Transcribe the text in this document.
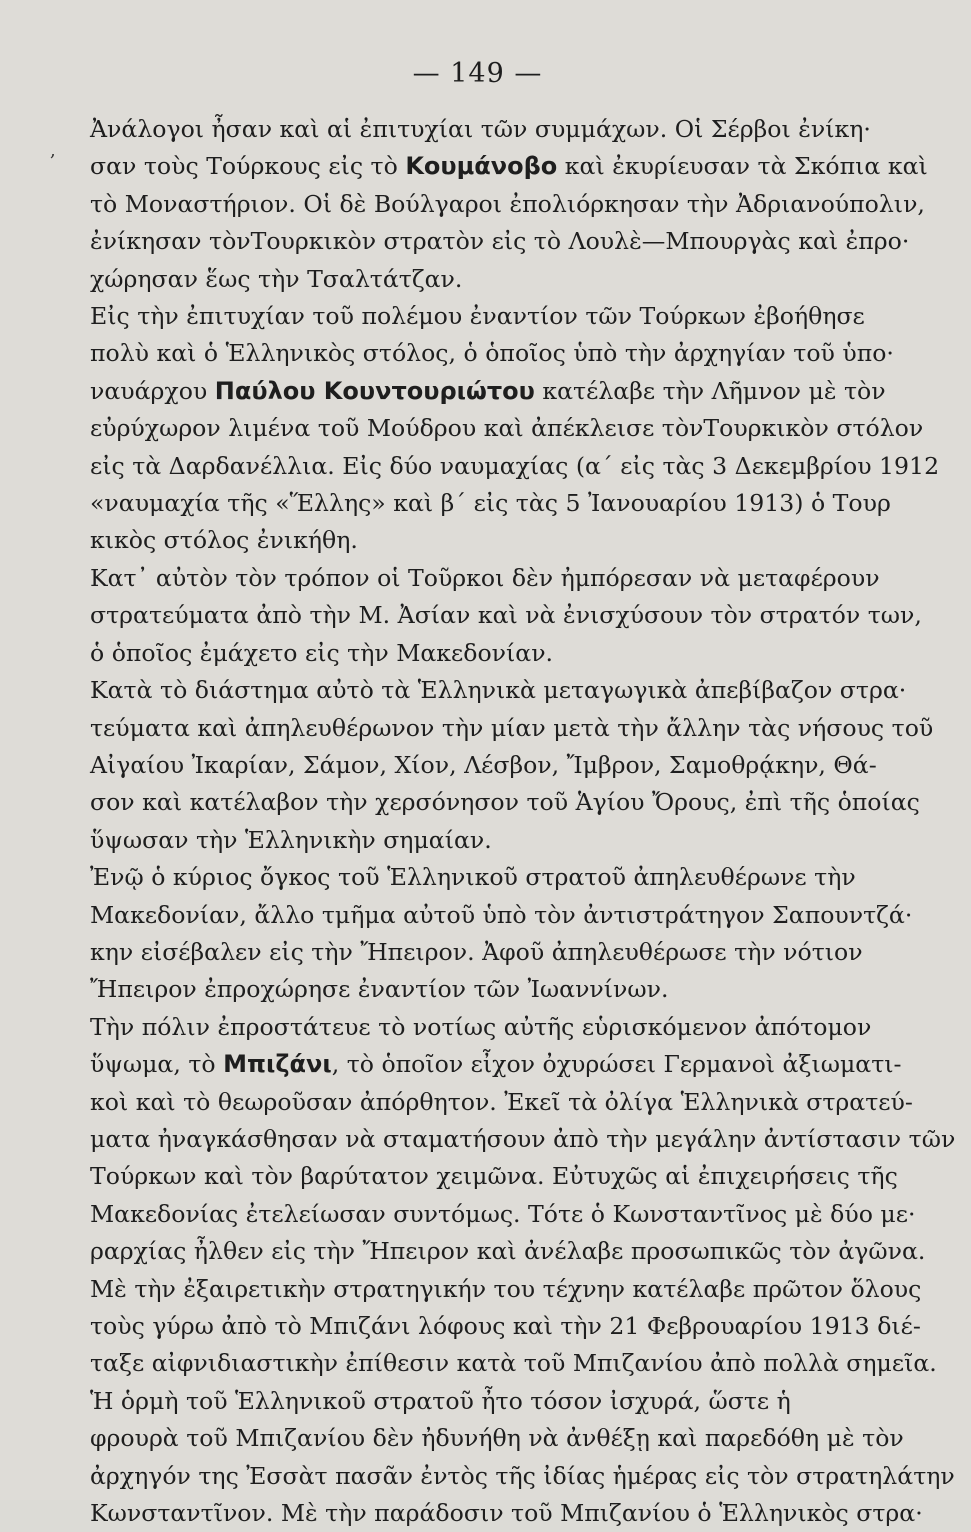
,
— 149 —

Ἀνάλογοι ἦσαν καὶ αἱ ἐπιτυχίαι τῶν συμμάχων. Οἱ Σέρβοι ἐνίκη·
σαν τοὺς Τούρκους εἰς τὸ Κουμάνοβο καὶ ἐκυρίευσαν τὰ Σκόπια καὶ
τὸ Μοναστήριον. Οἱ δὲ Βούλγαροι ἐπολιόρκησαν τὴν Ἀδριανούπολιν,
ἐνίκησαν τὸνΤουρκικὸν στρατὸν εἰς τὸ Λουλὲ—Μπουργὰς καὶ ἐπρο·
χώρησαν ἕως τὴν Τσαλτάτζαν.

Εἰς τὴν ἐπιτυχίαν τοῦ πολέμου ἐναντίον τῶν Τούρκων ἐβοήθησε
πολὺ καὶ ὁ Ἑλληνικὸς στόλος, ὁ ὁποῖος ὑπὸ τὴν ἀρχηγίαν τοῦ ὑπο·
ναυάρχου Παύλου Κουντουριώτου κατέλαβε τὴν Λῆμνον μὲ τὸν
εὐρύχωρον λιμένα τοῦ Μούδρου καὶ ἀπέκλεισε τὸνΤουρκικὸν στόλον
εἰς τὰ Δαρδανέλλια. Εἰς δύο ναυμαχίας (α΄ εἰς τὰς 3 Δεκεμβρίου 1912
«ναυμαχία τῆς «Ἕλλης» καὶ β΄ εἰς τὰς 5 Ἰανουαρίου 1913) ὁ Τουρ
κικὸς στόλος ἐνικήθη.

Κατ᾽ αὐτὸν τὸν τρόπον οἱ Τοῦρκοι δὲν ἠμπόρεσαν νὰ μεταφέρουν
στρατεύματα ἀπὸ τὴν Μ. Ἀσίαν καὶ νὰ ἐνισχύσουν τὸν στρατόν των,
ὁ ὁποῖος ἐμάχετο εἰς τὴν Μακεδονίαν.

Κατὰ τὸ διάστημα αὐτὸ τὰ Ἑλληνικὰ μεταγωγικὰ ἀπεβίβαζον στρα·
τεύματα καὶ ἀπηλευθέρωνον τὴν μίαν μετὰ τὴν ἄλλην τὰς νήσους τοῦ
Αἰγαίου Ἰκαρίαν, Σάμον, Χίον, Λέσβον, Ἴμβρον, Σαμοθρᾴκην, Θά-
σον καὶ κατέλαβον τὴν χερσόνησον τοῦ Ἁγίου Ὄρους, ἐπὶ τῆς ὁποίας
ὕψωσαν τὴν Ἑλληνικὴν σημαίαν.

Ἐνῷ ὁ κύριος ὄγκος τοῦ Ἑλληνικοῦ στρατοῦ ἀπηλευθέρωνε τὴν
Μακεδονίαν, ἄλλο τμῆμα αὐτοῦ ὑπὸ τὸν ἀντιστράτηγον Σαπουντζά·
κην εἰσέβαλεν εἰς τὴν Ἤπειρον. Ἀφοῦ ἀπηλευθέρωσε τὴν νότιον
Ἤπειρον ἐπροχώρησε ἐναντίον τῶν Ἰωαννίνων.

Τὴν πόλιν ἐπροστάτευε τὸ νοτίως αὐτῆς εὑρισκόμενον ἀπότομον
ὕψωμα, τὸ Μπιζάνι, τὸ ὁποῖον εἶχον ὀχυρώσει Γερμανοὶ ἀξιωματι-
κοὶ καὶ τὸ θεωροῦσαν ἀπόρθητον. Ἐκεῖ τὰ ὀλίγα Ἑλληνικὰ στρατεύ-
ματα ἠναγκάσθησαν νὰ σταματήσουν ἀπὸ τὴν μεγάλην ἀντίστασιν τῶν
Τούρκων καὶ τὸν βαρύτατον χειμῶνα. Εὐτυχῶς αἱ ἐπιχειρήσεις τῆς
Μακεδονίας ἐτελείωσαν συντόμως. Τότε ὁ Κωνσταντῖνος μὲ δύο με·
ραρχίας ἦλθεν εἰς τὴν Ἤπειρον καὶ ἀνέλαβε προσωπικῶς τὸν ἀγῶνα.
Μὲ τὴν ἐξαιρετικὴν στρατηγικήν του τέχνην κατέλαβε πρῶτον ὅλους
τοὺς γύρω ἀπὸ τὸ Μπιζάνι λόφους καὶ τὴν 21 Φεβρουαρίου 1913 διέ-
ταξε αἰφνιδιαστικὴν ἐπίθεσιν κατὰ τοῦ Μπιζανίου ἀπὸ πολλὰ σημεῖα.

Ἡ ὁρμὴ τοῦ Ἑλληνικοῦ στρατοῦ ἦτο τόσον ἰσχυρά, ὥστε ἡ
φρουρὰ τοῦ Μπιζανίου δὲν ἠδυνήθη νὰ ἀνθέξῃ καὶ παρεδόθη μὲ τὸν
ἀρχηγόν της Ἐσσὰτ πασᾶν ἐντὸς τῆς ἰδίας ἡμέρας εἰς τὸν στρατηλάτην
Κωνσταντῖνον. Μὲ τὴν παράδοσιν τοῦ Μπιζανίου ὁ Ἑλληνικὸς στρα·
